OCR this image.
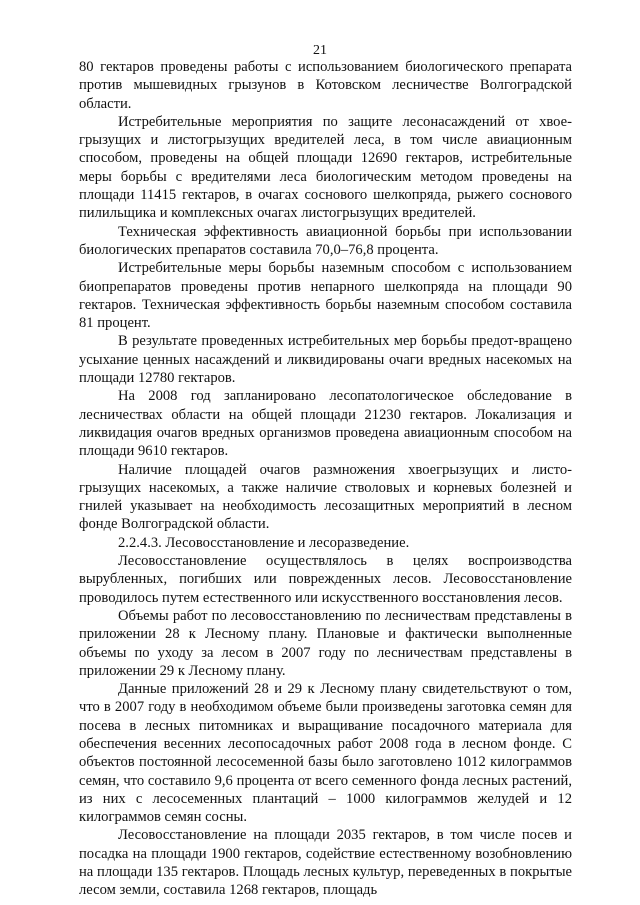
21

80 гектаров проведены работы с использованием биологического препарата против мышевидных грызунов в Котовском лесничестве Волгоградской области.

Истребительные мероприятия по защите лесонасаждений от хвое-грызущих и листогрызущих вредителей леса, в том числе авиационным способом, проведены на общей площади 12690 гектаров, истребительные меры борьбы с вредителями леса биологическим методом проведены на площади 11415 гектаров, в очагах соснового шелкопряда, рыжего соснового пилильщика и комплексных очагах листогрызущих вредителей.

Техническая эффективность авиационной борьбы при использовании биологических препаратов составила 70,0–76,8 процента.

Истребительные меры борьбы наземным способом с использованием биопрепаратов проведены против непарного шелкопряда на площади 90 гектаров. Техническая эффективность борьбы наземным способом составила 81 процент.

В результате проведенных истребительных мер борьбы предот-вращено усыхание ценных насаждений и ликвидированы очаги вредных насекомых на площади 12780 гектаров.

На 2008 год запланировано лесопатологическое обследование в лесничествах области на общей площади 21230 гектаров. Локализация и ликвидация очагов вредных организмов проведена авиационным способом на площади 9610 гектаров.

Наличие площадей очагов размножения хвоегрызущих и листо-грызущих насекомых, а также наличие стволовых и корневых болезней и гнилей указывает на необходимость лесозащитных мероприятий в лесном фонде Волгоградской области.

2.2.4.3. Лесовосстановление и лесоразведение.

Лесовосстановление осуществлялось в целях воспроизводства вырубленных, погибших или поврежденных лесов. Лесовосстановление проводилось путем естественного или искусственного восстановления лесов.

Объемы работ по лесовосстановлению по лесничествам представлены в приложении 28 к Лесному плану. Плановые и фактически выполненные объемы по уходу за лесом в 2007 году по лесничествам представлены в приложении 29 к Лесному плану.

Данные приложений 28 и 29 к Лесному плану свидетельствуют о том, что в 2007 году в необходимом объеме были произведены заготовка семян для посева в лесных питомниках и выращивание посадочного материала для обеспечения весенних лесопосадочных работ 2008 года в лесном фонде. С объектов постоянной лесосеменной базы было заготовлено 1012 килограммов семян, что составило 9,6 процента от всего семенного фонда лесных растений, из них с лесосеменных плантаций – 1000 килограммов желудей и 12 килограммов семян сосны.

Лесовосстановление на площади 2035 гектаров, в том числе посев и посадка на площади 1900 гектаров, содействие естественному возобновлению на площади 135 гектаров. Площадь лесных культур, переведенных в покрытые лесом земли, составила 1268 гектаров, площадь
